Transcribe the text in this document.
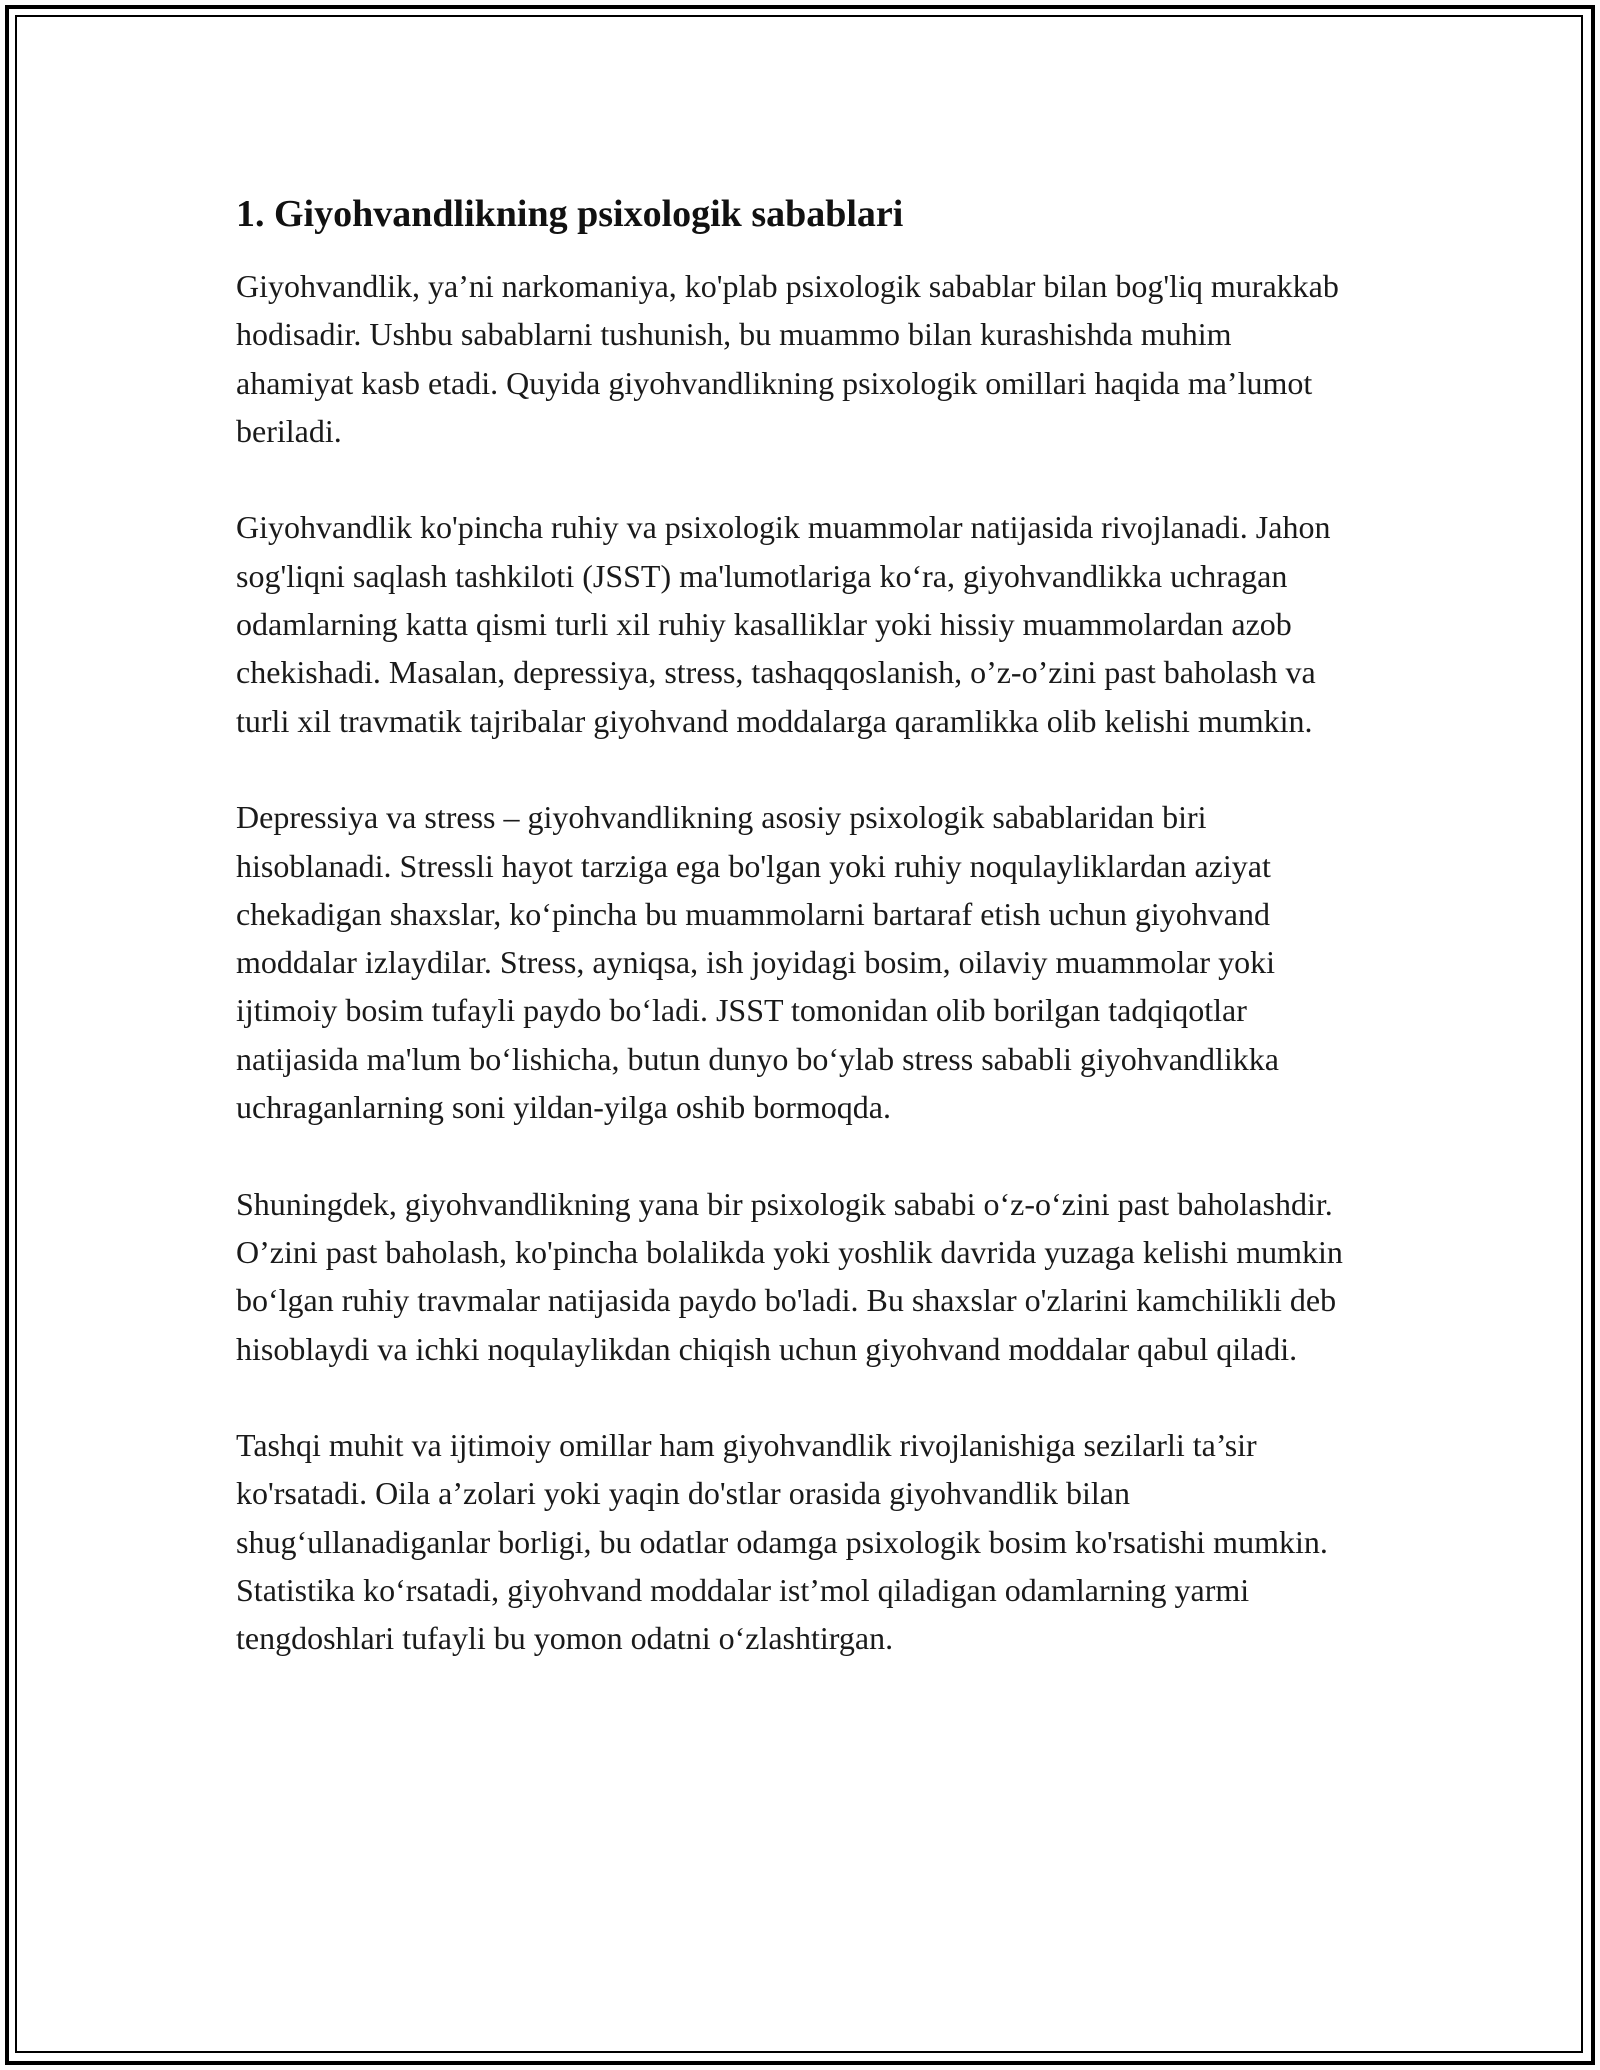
1. Giyohvandlikning psixologik sabablari

Giyohvandlik, ya’ni narkomaniya, ko'plab psixologik sabablar bilan bog'liq murakkab hodisadir. Ushbu sabablarni tushunish, bu muammo bilan kurashishda muhim ahamiyat kasb etadi. Quyida giyohvandlikning psixologik omillari haqida ma’lumot beriladi.

Giyohvandlik ko'pincha ruhiy va psixologik muammolar natijasida rivojlanadi. Jahon sog'liqni saqlash tashkiloti (JSST) ma'lumotlariga ko‘ra, giyohvandlikka uchragan odamlarning katta qismi turli xil ruhiy kasalliklar yoki hissiy muammolardan azob chekishadi. Masalan, depressiya, stress, tashaqqoslanish, o’z-o’zini past baholash va turli xil travmatik tajribalar giyohvand moddalarga qaramlikka olib kelishi mumkin.

Depressiya va stress – giyohvandlikning asosiy psixologik sabablaridan biri hisoblanadi. Stressli hayot tarziga ega bo'lgan yoki ruhiy noqulayliklardan aziyat chekadigan shaxslar, ko‘pincha bu muammolarni bartaraf etish uchun giyohvand moddalar izlaydilar. Stress, ayniqsa, ish joyidagi bosim, oilaviy muammolar yoki ijtimoiy bosim tufayli paydo bo‘ladi. JSST tomonidan olib borilgan tadqiqotlar natijasida ma'lum bo‘lishicha, butun dunyo bo‘ylab stress sababli giyohvandlikka uchraganlarning soni yildan-yilga oshib bormoqda.

Shuningdek, giyohvandlikning yana bir psixologik sababi o‘z-o‘zini past baholashdir. O’zini past baholash, ko'pincha bolalikda yoki yoshlik davrida yuzaga kelishi mumkin bo‘lgan ruhiy travmalar natijasida paydo bo'ladi. Bu shaxslar o'zlarini kamchilikli deb hisoblaydi va ichki noqulaylikdan chiqish uchun giyohvand moddalar qabul qiladi.

Tashqi muhit va ijtimoiy omillar ham giyohvandlik rivojlanishiga sezilarli ta’sir ko'rsatadi. Oila a’zolari yoki yaqin do'stlar orasida giyohvandlik bilan shug‘ullanadiganlar borligi, bu odatlar odamga psixologik bosim ko'rsatishi mumkin. Statistika ko‘rsatadi, giyohvand moddalar ist’mol qiladigan odamlarning yarmi tengdoshlari tufayli bu yomon odatni o‘zlashtirgan.
